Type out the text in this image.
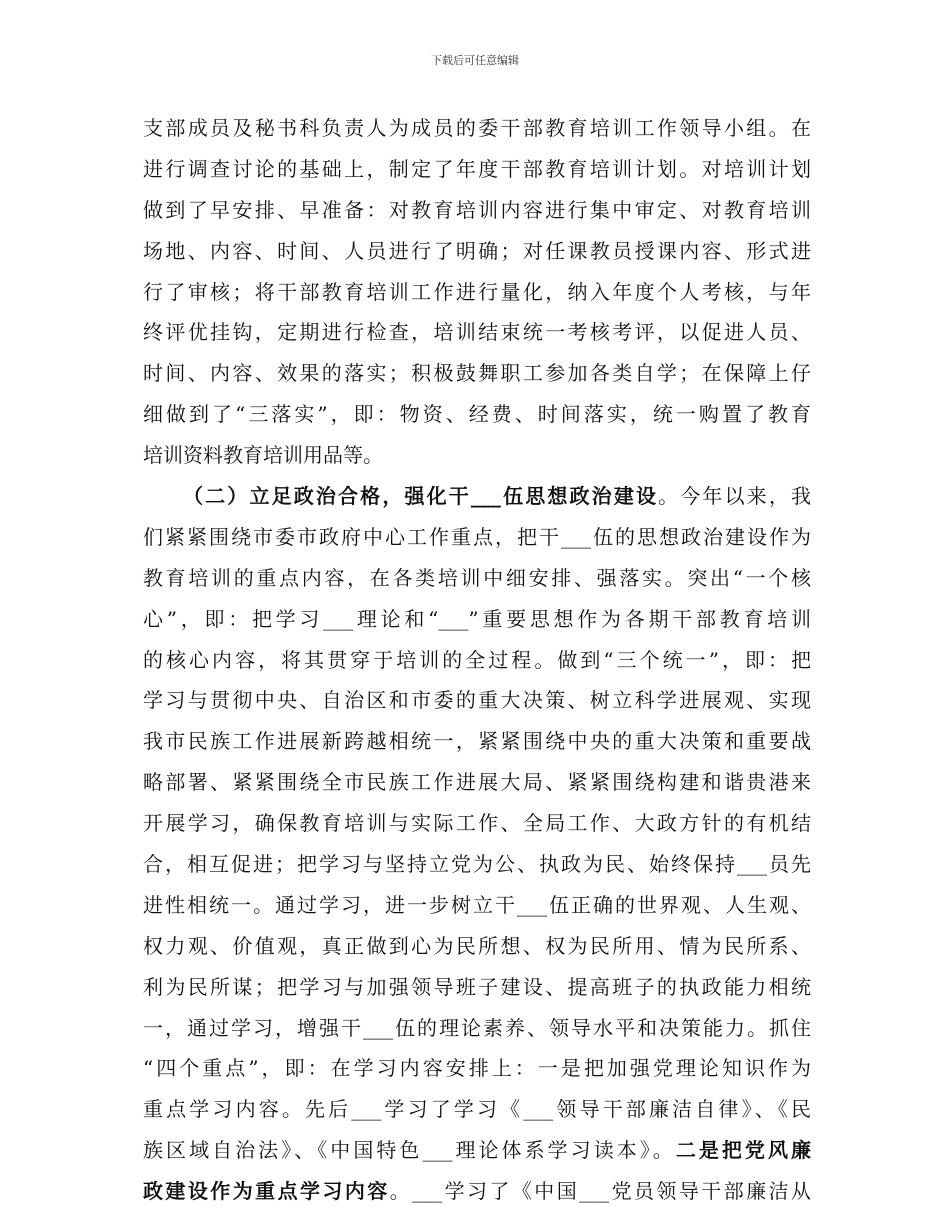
下载后可任意编辑
支部成员及秘书科负责人为成员的委干部教育培训工作领导小组。在
进行调查讨论的基础上，制定了年度干部教育培训计划。对培训计划
做到了早安排、早准备：对教育培训内容进行集中审定、对教育培训
场地、内容、时间、人员进行了明确；对任课教员授课内容、形式进
行了审核；将干部教育培训工作进行量化，纳入年度个人考核，与年
终评优挂钩，定期进行检查，培训结束统一考核考评，以促进人员、
时间、内容、效果的落实；积极鼓舞职工参加各类自学；在保障上仔
细做到了“三落实”，即：物资、经费、时间落实，统一购置了教育
培训资料教育培训用品等。
（二）立足政治合格，强化干___伍思想政治建设。今年以来，我
们紧紧围绕市委市政府中心工作重点，把干___伍的思想政治建设作为
教育培训的重点内容，在各类培训中细安排、强落实。突出“一个核
心”，即：把学习___理论和“___”重要思想作为各期干部教育培训
的核心内容，将其贯穿于培训的全过程。做到“三个统一”，即：把
学习与贯彻中央、自治区和市委的重大决策、树立科学进展观、实现
我市民族工作进展新跨越相统一，紧紧围绕中央的重大决策和重要战
略部署、紧紧围绕全市民族工作进展大局、紧紧围绕构建和谐贵港来
开展学习，确保教育培训与实际工作、全局工作、大政方针的有机结
合，相互促进；把学习与坚持立党为公、执政为民、始终保持___员先
进性相统一。通过学习，进一步树立干___伍正确的世界观、人生观、
权力观、价值观，真正做到心为民所想、权为民所用、情为民所系、
利为民所谋；把学习与加强领导班子建设、提高班子的执政能力相统
一，通过学习，增强干___伍的理论素养、领导水平和决策能力。抓住
“四个重点”，即：在学习内容安排上：一是把加强党理论知识作为
重点学习内容。先后___学习了学习《___领导干部廉洁自律》、《民
族区域自治法》、《中国特色___理论体系学习读本》。二是把党风廉
政建设作为重点学习内容。___学习了《中国___党员领导干部廉洁从
